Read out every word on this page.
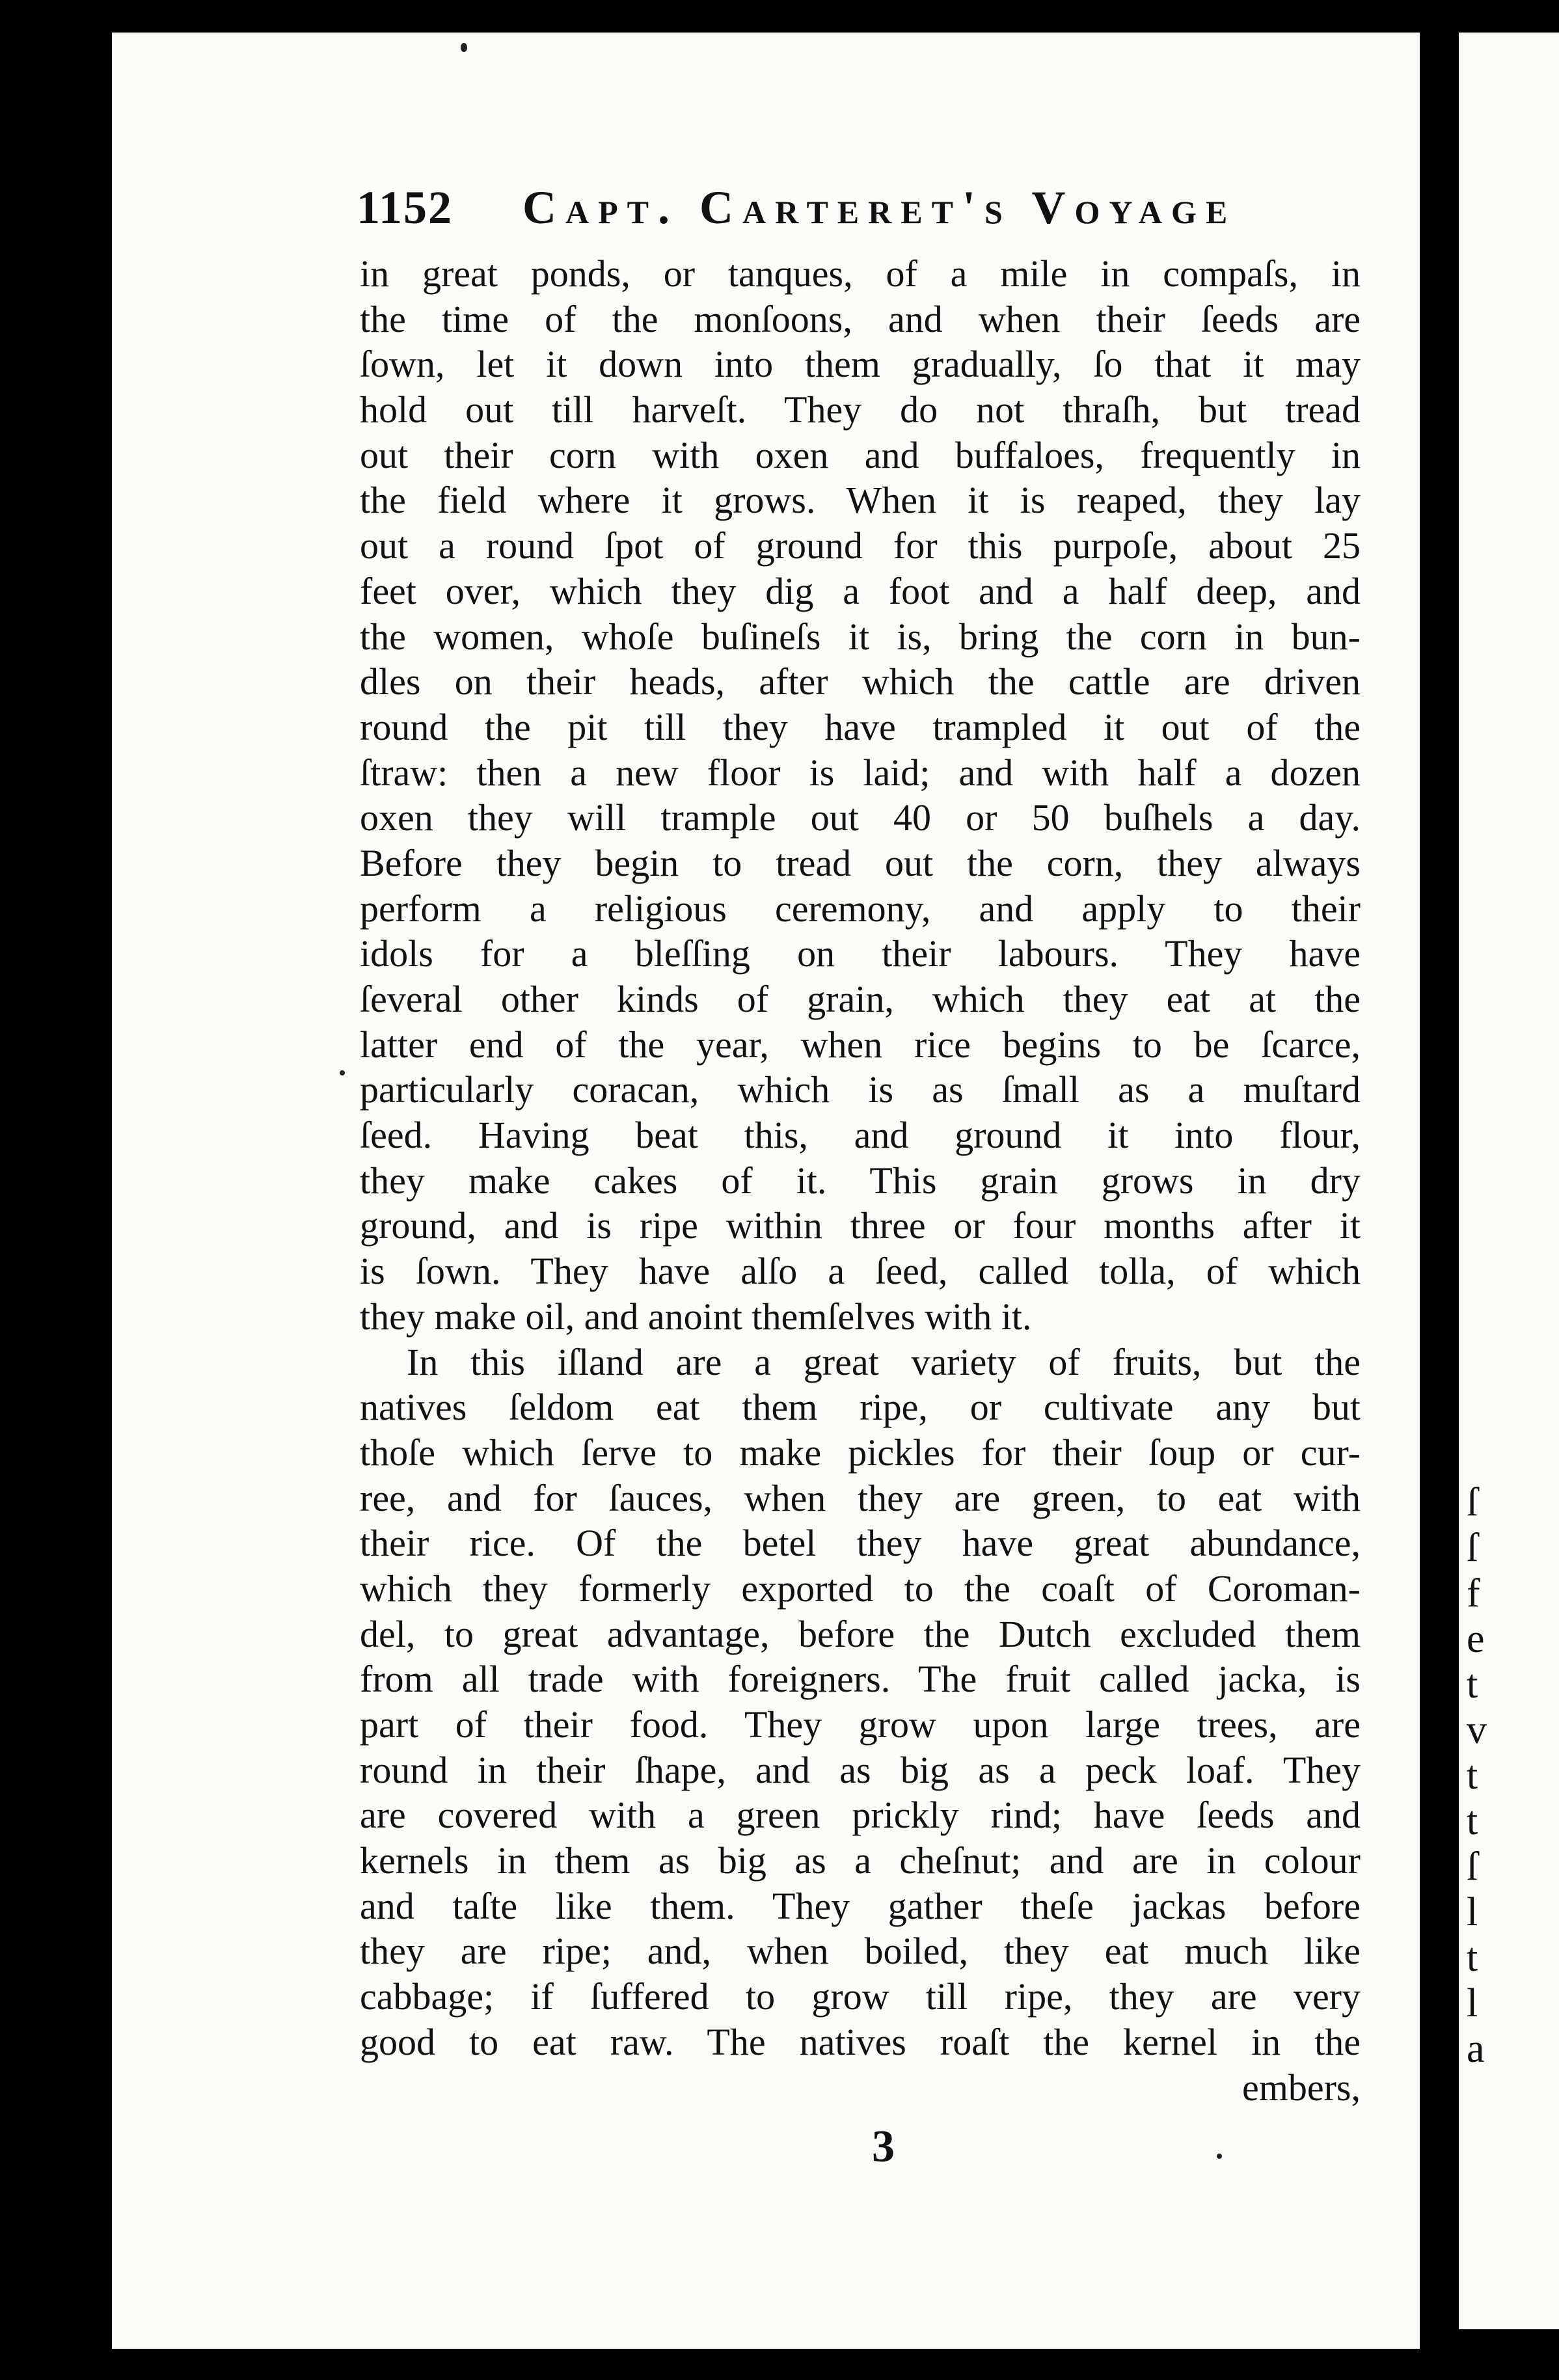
t
v
t
t
ſ
l
t
l
a
ſ
ſ
f
e
1152 Capt. Carteret's Voyage
in great ponds, or tanques, of a mile in compaſs, in
the time of the monſoons, and when their ſeeds are
ſown, let it down into them gradually, ſo that it may
hold out till harveſt. They do not thraſh, but tread
out their corn with oxen and buffaloes, frequently in
the field where it grows. When it is reaped, they lay
out a round ſpot of ground for this purpoſe, about 25
feet over, which they dig a foot and a half deep, and
the women, whoſe buſineſs it is, bring the corn in bun-
dles on their heads, after which the cattle are driven
round the pit till they have trampled it out of the
ſtraw: then a new floor is laid; and with half a dozen
oxen they will trample out 40 or 50 buſhels a day.
Before they begin to tread out the corn, they always
perform a religious ceremony, and apply to their
idols for a bleſſing on their labours. They have
ſeveral other kinds of grain, which they eat at the
latter end of the year, when rice begins to be ſcarce,
particularly coracan, which is as ſmall as a muſtard
ſeed. Having beat this, and ground it into flour,
they make cakes of it. This grain grows in dry
ground, and is ripe within three or four months after it
is ſown. They have alſo a ſeed, called tolla, of which
they make oil, and anoint themſelves with it.
In this iſland are a great variety of fruits, but the
natives ſeldom eat them ripe, or cultivate any but
thoſe which ſerve to make pickles for their ſoup or cur-
ree, and for ſauces, when they are green, to eat with
their rice. Of the betel they have great abundance,
which they formerly exported to the coaſt of Coroman-
del, to great advantage, before the Dutch excluded them
from all trade with foreigners. The fruit called jacka, is
part of their food. They grow upon large trees, are
round in their ſhape, and as big as a peck loaf. They
are covered with a green prickly rind; have ſeeds and
kernels in them as big as a cheſnut; and are in colour
and taſte like them. They gather theſe jackas before
they are ripe; and, when boiled, they eat much like
cabbage; if ſuffered to grow till ripe, they are very
good to eat raw. The natives roaſt the kernel in the
embers,
3
